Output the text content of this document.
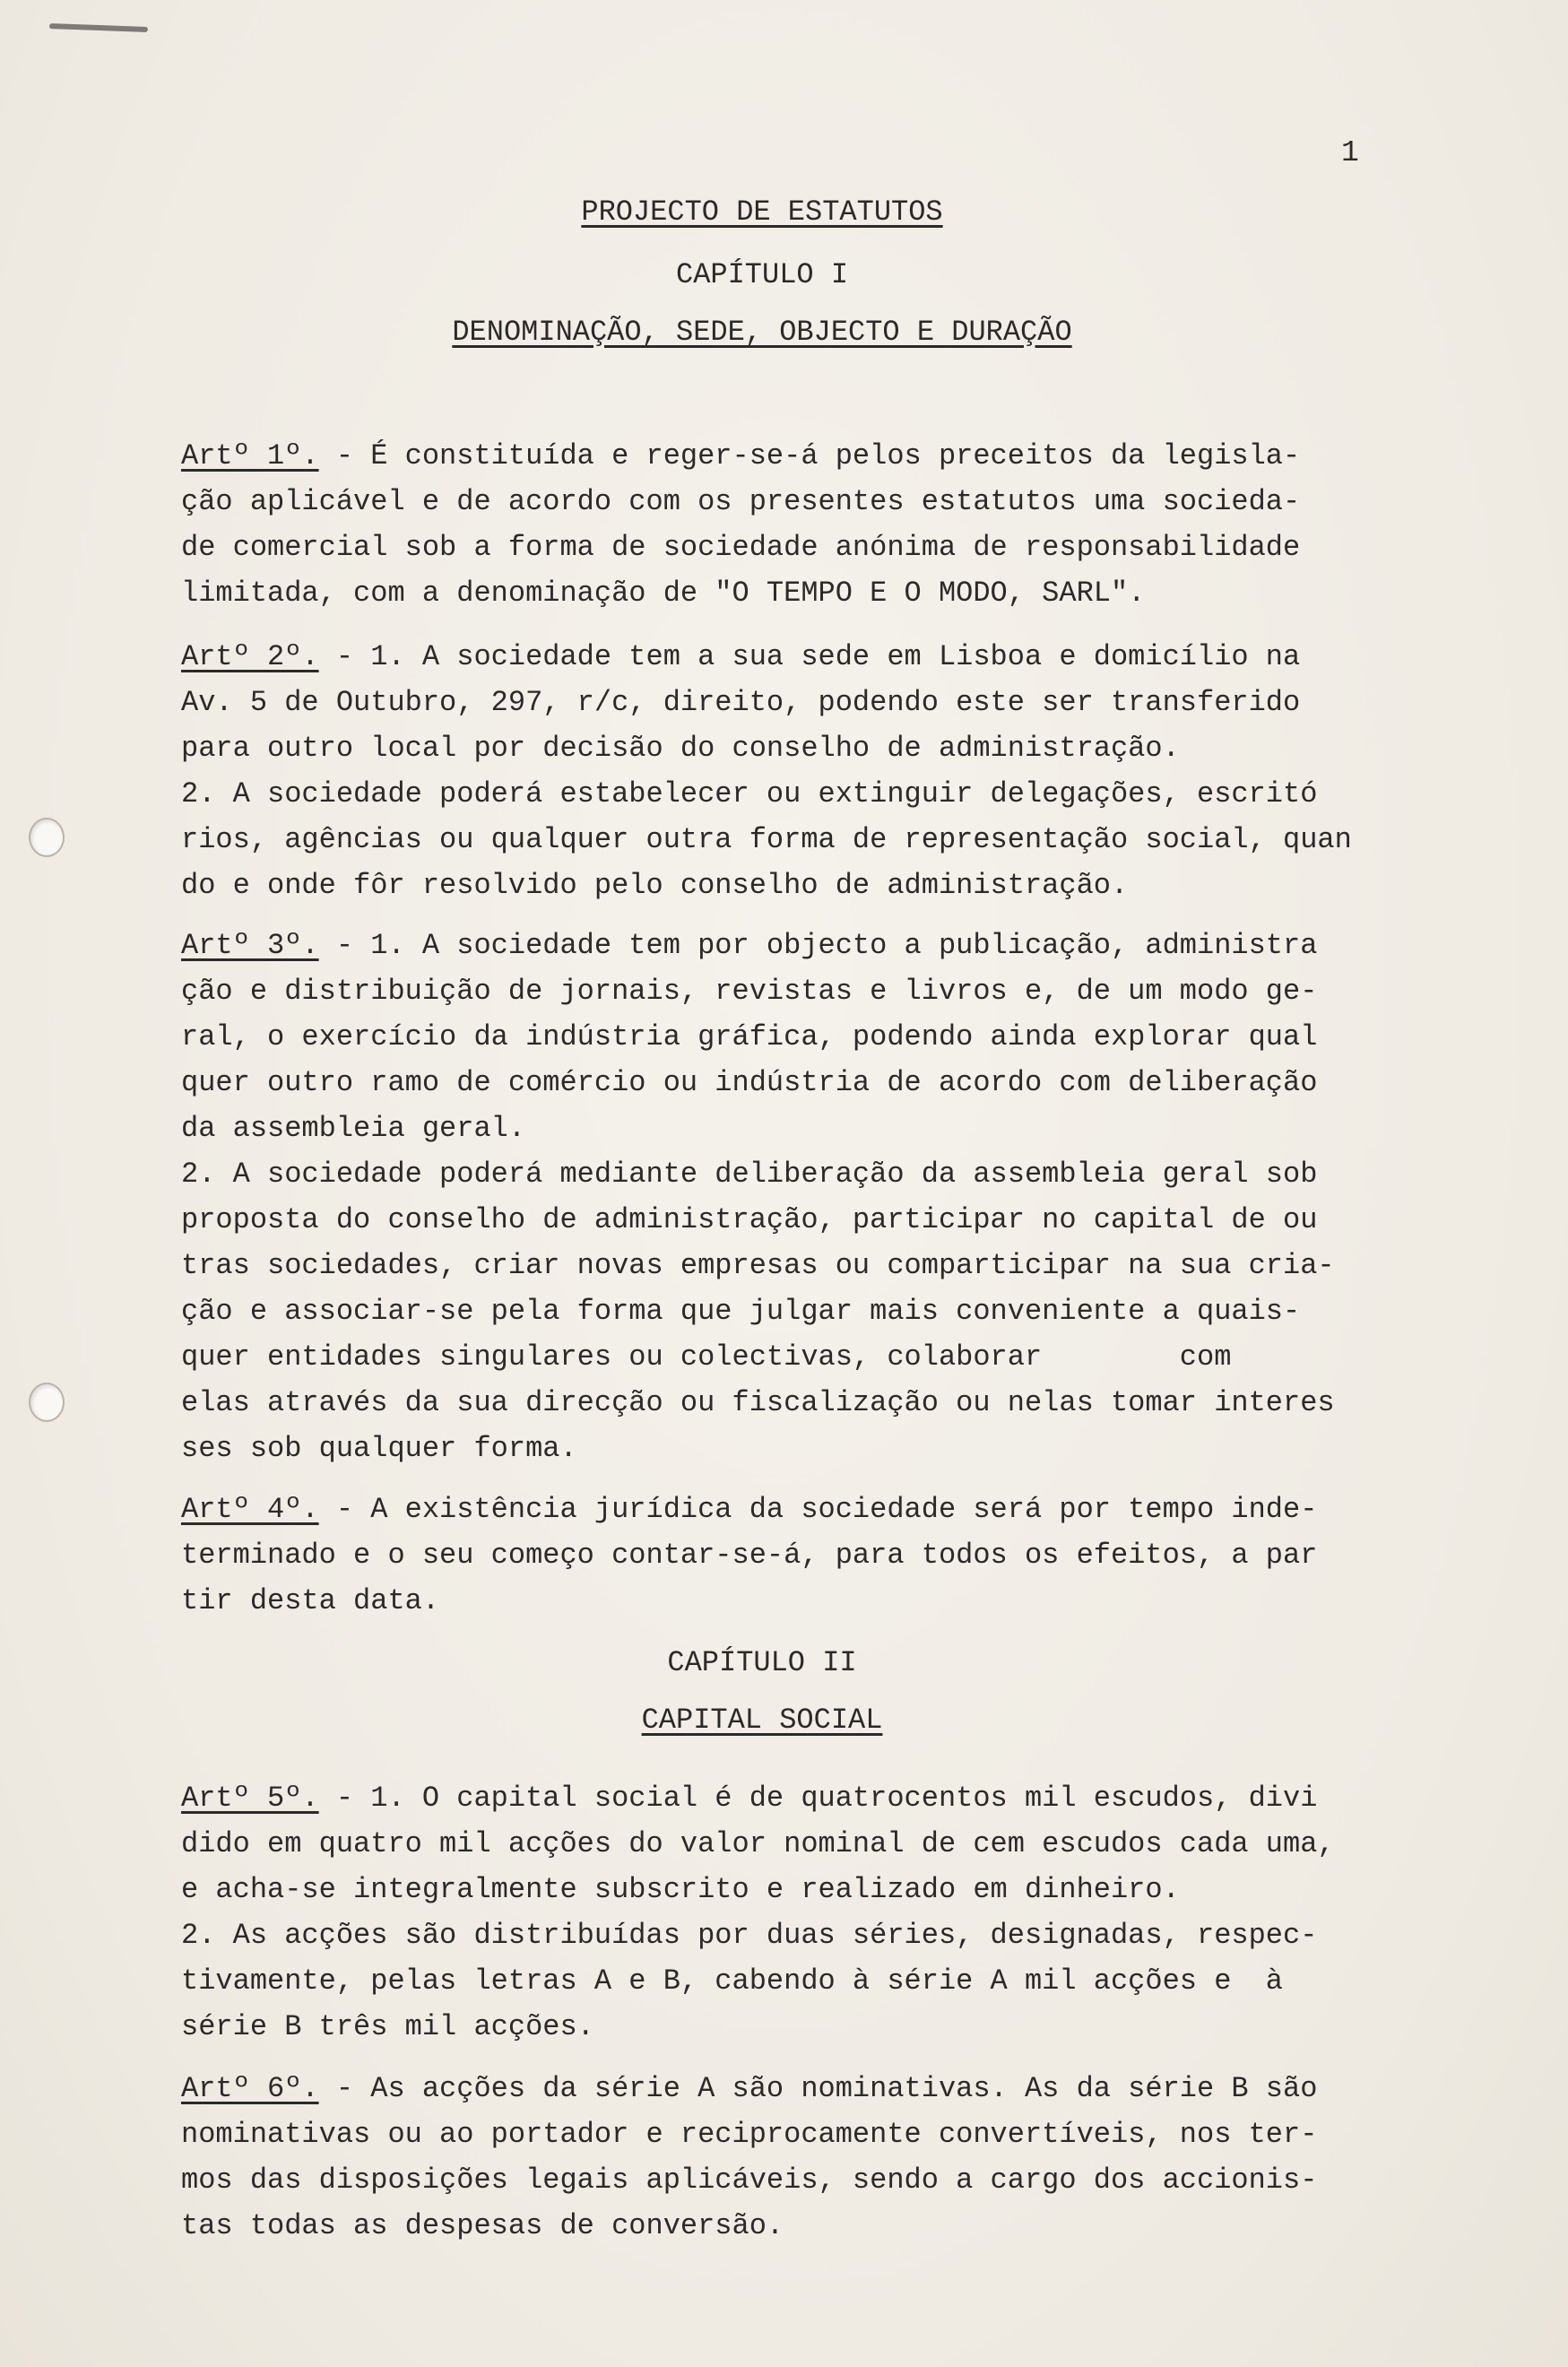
1
PROJECTO DE ESTATUTOS
CAPÍTULO I
DENOMINAÇÃO, SEDE, OBJECTO E DURAÇÃO
Artº 1º. - É constituída e reger-se-á pelos preceitos da legisla-
ção aplicável e de acordo com os presentes estatutos uma socieda-
de comercial sob a forma de sociedade anónima de responsabilidade
limitada, com a denominação de "O TEMPO E O MODO, SARL".
Artº 2º. - 1. A sociedade tem a sua sede em Lisboa e domicílio na
Av. 5 de Outubro, 297, r/c, direito, podendo este ser transferido
para outro local por decisão do conselho de administração.
2. A sociedade poderá estabelecer ou extinguir delegações, escritó
rios, agências ou qualquer outra forma de representação social, quan
do e onde fôr resolvido pelo conselho de administração.
Artº 3º. - 1. A sociedade tem por objecto a publicação, administra
ção e distribuição de jornais, revistas e livros e, de um modo ge-
ral, o exercício da indústria gráfica, podendo ainda explorar qual
quer outro ramo de comércio ou indústria de acordo com deliberação
da assembleia geral.
2. A sociedade poderá mediante deliberação da assembleia geral sob
proposta do conselho de administração, participar no capital de ou
tras sociedades, criar novas empresas ou comparticipar na sua cria-
ção e associar-se pela forma que julgar mais conveniente a quais-
quer entidades singulares ou colectivas, colaborar        com
elas através da sua direcção ou fiscalização ou nelas tomar interes
ses sob qualquer forma.
Artº 4º. - A existência jurídica da sociedade será por tempo inde-
terminado e o seu começo contar-se-á, para todos os efeitos, a par
tir desta data.
CAPÍTULO II
CAPITAL SOCIAL
Artº 5º. - 1. O capital social é de quatrocentos mil escudos, divi
dido em quatro mil acções do valor nominal de cem escudos cada uma,
e acha-se integralmente subscrito e realizado em dinheiro.
2. As acções são distribuídas por duas séries, designadas, respec-
tivamente, pelas letras A e B, cabendo à série A mil acções e  à
série B três mil acções.
Artº 6º. - As acções da série A são nominativas. As da série B são
nominativas ou ao portador e reciprocamente convertíveis, nos ter-
mos das disposições legais aplicáveis, sendo a cargo dos accionis-
tas todas as despesas de conversão.
